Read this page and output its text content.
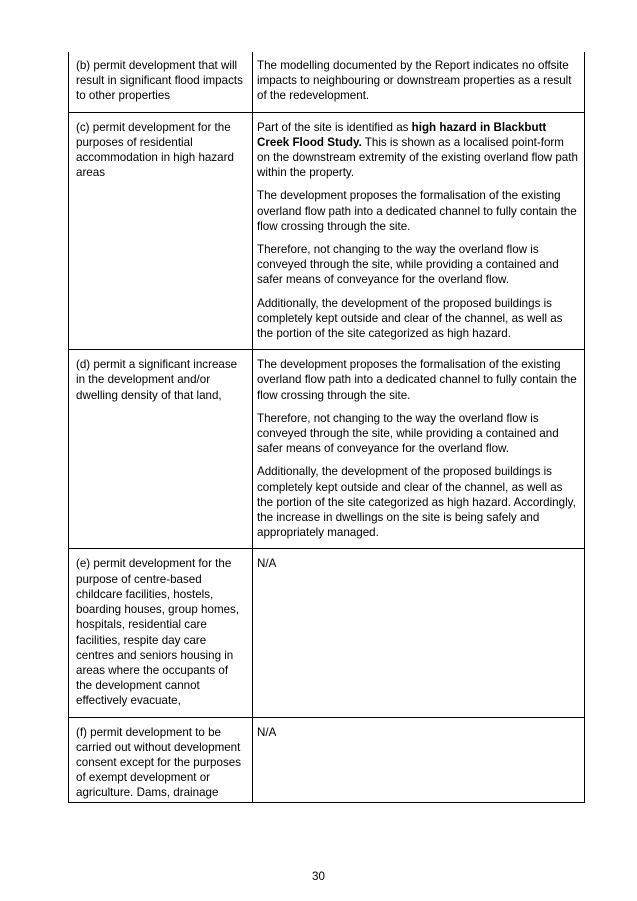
(b) permit development that will result in significant flood impacts to other properties	The modelling documented by the Report indicates no offsite impacts to neighbouring or downstream properties as a result of the redevelopment.

(c) permit development for the purposes of residential accommodation in high hazard areas	Part of the site is identified as high hazard in Blackbutt Creek Flood Study. This is shown as a localised point-form on the downstream extremity of the existing overland flow path within the property.

The development proposes the formalisation of the existing overland flow path into a dedicated channel to fully contain the flow crossing through the site.

Therefore, not changing to the way the overland flow is conveyed through the site, while providing a contained and safer means of conveyance for the overland flow.

Additionally, the development of the proposed buildings is completely kept outside and clear of the channel, as well as the portion of the site categorized as high hazard.

(d) permit a significant increase in the development and/or dwelling density of that land,	The development proposes the formalisation of the existing overland flow path into a dedicated channel to fully contain the flow crossing through the site.

Therefore, not changing to the way the overland flow is conveyed through the site, while providing a contained and safer means of conveyance for the overland flow.

Additionally, the development of the proposed buildings is completely kept outside and clear of the channel, as well as the portion of the site categorized as high hazard. Accordingly, the increase in dwellings on the site is being safely and appropriately managed.

(e) permit development for the purpose of centre-based childcare facilities, hostels, boarding houses, group homes, hospitals, residential care facilities, respite day care centres and seniors housing in areas where the occupants of the development cannot effectively evacuate,	N/A

(f) permit development to be carried out without development consent except for the purposes of exempt development or agriculture. Dams, drainage	N/A

30
